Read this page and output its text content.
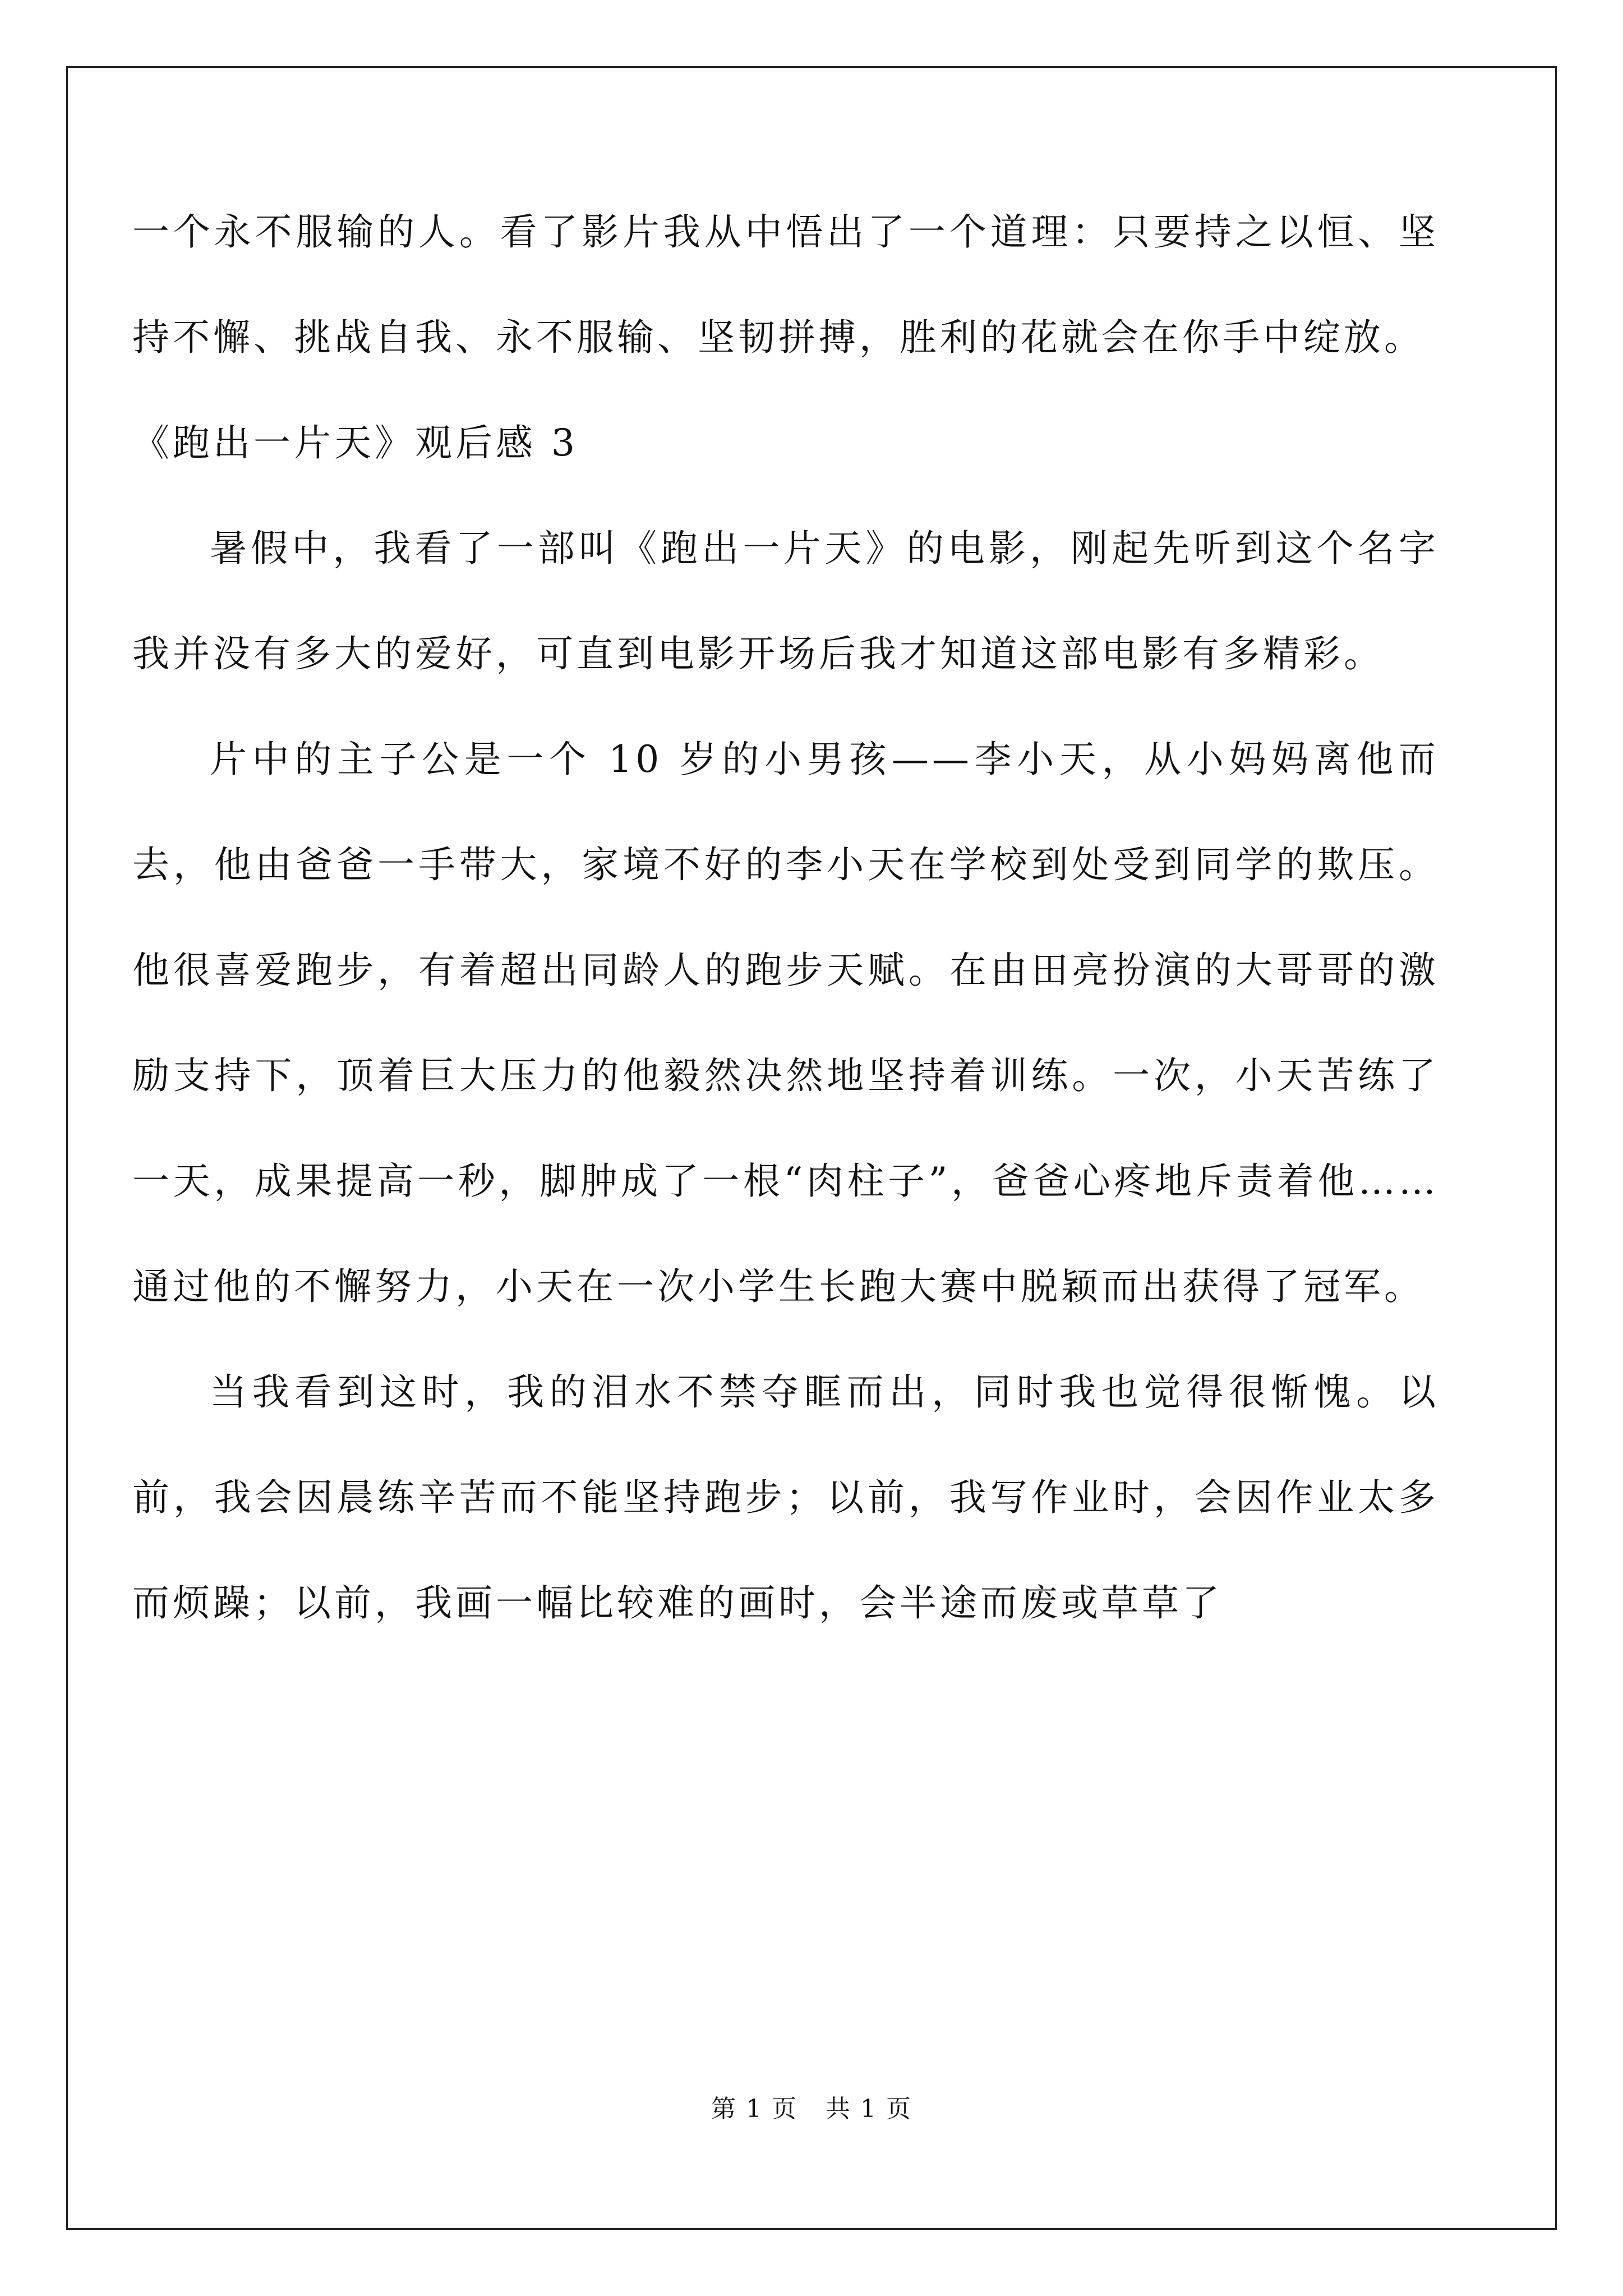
一个永不服输的人。看了影片我从中悟出了一个道理：只要持之以恒、坚持不懈、挑战自我、永不服输、坚韧拼搏，胜利的花就会在你手中绽放。

《跑出一片天》观后感 3

暑假中，我看了一部叫《跑出一片天》的电影，刚起先听到这个名字我并没有多大的爱好，可直到电影开场后我才知道这部电影有多精彩。

片中的主子公是一个 10 岁的小男孩——李小天，从小妈妈离他而去，他由爸爸一手带大，家境不好的李小天在学校到处受到同学的欺压。他很喜爱跑步，有着超出同龄人的跑步天赋。在由田亮扮演的大哥哥的激励支持下，顶着巨大压力的他毅然决然地坚持着训练。一次，小天苦练了一天，成果提高一秒，脚肿成了一根“肉柱子”，爸爸心疼地斥责着他……通过他的不懈努力，小天在一次小学生长跑大赛中脱颖而出获得了冠军。

当我看到这时，我的泪水不禁夺眶而出，同时我也觉得很惭愧。以前，我会因晨练辛苦而不能坚持跑步；以前，我写作业时，会因作业太多而烦躁；以前，我画一幅比较难的画时，会半途而废或草草了

第 1 页 共 1 页
